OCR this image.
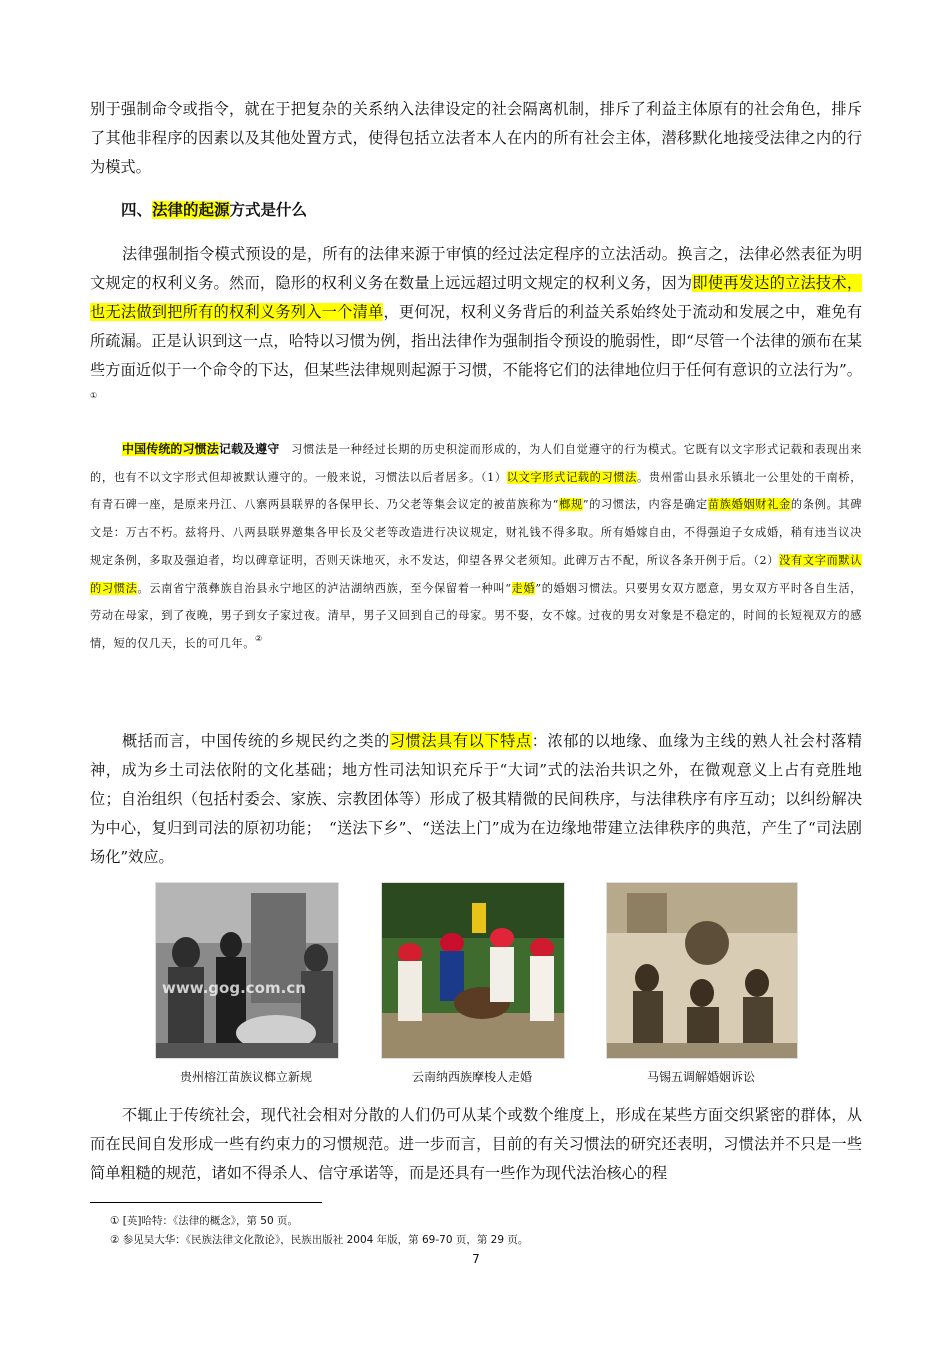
别于强制命令或指令，就在于把复杂的关系纳入法律设定的社会隔离机制，排斥了利益主体原有的社会角色，排斥了其他非程序的因素以及其他处置方式，使得包括立法者本人在内的所有社会主体，潜移默化地接受法律之内的行为模式。

四、法律的起源方式是什么

法律强制指令模式预设的是，所有的法律来源于审慎的经过法定程序的立法活动。换言之，法律必然表征为明文规定的权利义务。然而，隐形的权利义务在数量上远远超过明文规定的权利义务，因为即使再发达的立法技术，也无法做到把所有的权利义务列入一个清单，更何况，权利义务背后的利益关系始终处于流动和发展之中，难免有所疏漏。正是认识到这一点，哈特以习惯为例，指出法律作为强制指令预设的脆弱性，即“尽管一个法律的颁布在某些方面近似于一个命令的下达，但某些法律规则起源于习惯，不能将它们的法律地位归于任何有意识的立法行为”。①

中国传统的习惯法记载及遵守　 习惯法是一种经过长期的历史积淀而形成的，为人们自觉遵守的行为模式。它既有以文字形式记载和表现出来的，也有不以文字形式但却被默认遵守的。一般来说，习惯法以后者居多。（1）以文字形式记载的习惯法。贵州雷山县永乐镇北一公里处的干南桥，有青石碑一座，是原来丹江、八寨两县联界的各保甲长、乃父老等集会议定的被苗族称为“榔规”的习惯法，内容是确定苗族婚姻财礼金的条例。其碑文是：万古不朽。兹将丹、八两县联界邀集各甲长及父老等改造进行决议规定，财礼钱不得多取。所有婚嫁自由，不得强迫子女成婚，稍有违当议决规定条例，多取及强迫者，均以碑章证明，否则天诛地灭，永不发达，仰望各界父老须知。此碑万古不配，所议各条开例于后。（2）没有文字而默认的习惯法。云南省宁蒗彝族自治县永宁地区的泸沽湖纳西族，至今保留着一种叫“走婚”的婚姻习惯法。只要男女双方愿意，男女双方平时各自生活，劳动在母家，到了夜晚，男子到女子家过夜。清早，男子又回到自己的母家。男不娶，女不嫁。过夜的男女对象是不稳定的，时间的长短视双方的感情，短的仅几天，长的可几年。②

概括而言，中国传统的乡规民约之类的习惯法具有以下特点：浓郁的以地缘、血缘为主线的熟人社会村落精神，成为乡土司法依附的文化基础；地方性司法知识充斥于“大词”式的法治共识之外，在微观意义上占有竞胜地位；自治组织（包括村委会、家族、宗教团体等）形成了极其精微的民间秩序，与法律秩序有序互动；以纠纷解决为中心，复归到司法的原初功能；　“送法下乡”、“送法上门”成为在边缘地带建立法律秩序的典范，产生了“司法剧场化”效应。

www.gog.com.cn
贵州榕江苗族议榔立新规	云南纳西族摩梭人走婚	马锡五调解婚姻诉讼

不辄止于传统社会，现代社会相对分散的人们仍可从某个或数个维度上，形成在某些方面交织紧密的群体，从而在民间自发形成一些有约束力的习惯规范。进一步而言，目前的有关习惯法的研究还表明，习惯法并不只是一些简单粗糙的规范，诸如不得杀人、信守承诺等，而是还具有一些作为现代法治核心的程

① [英]哈特：《法律的概念》，第 50 页。
② 参见吴大华：《民族法律文化散论》，民族出版社 2004 年版，第 69-70 页，第 29 页。
7
